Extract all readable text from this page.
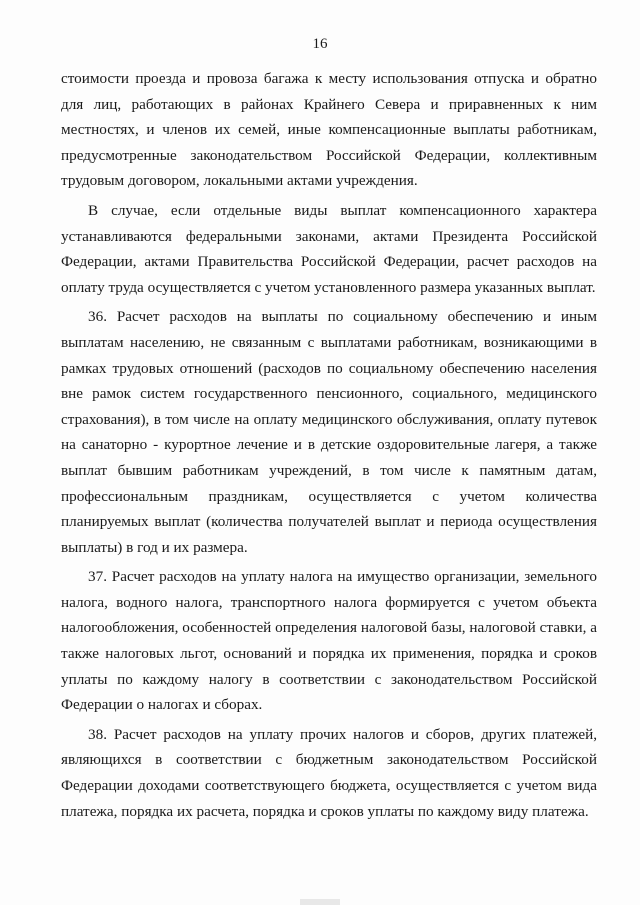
16

стоимости проезда и провоза багажа к месту использования отпуска и обратно для лиц, работающих в районах Крайнего Севера и приравненных к ним местностях, и членов их семей, иные компенсационные выплаты работникам, предусмотренные законодательством Российской Федерации, коллективным трудовым договором, локальными актами учреждения.

В случае, если отдельные виды выплат компенсационного характера устанавливаются федеральными законами, актами Президента Российской Федерации, актами Правительства Российской Федерации, расчет расходов на оплату труда осуществляется с учетом установленного размера указанных выплат.

36. Расчет расходов на выплаты по социальному обеспечению и иным выплатам населению, не связанным с выплатами работникам, возникающими в рамках трудовых отношений (расходов по социальному обеспечению населения вне рамок систем государственного пенсионного, социального, медицинского страхования), в том числе на оплату медицинского обслуживания, оплату путевок на санаторно - курортное лечение и в детские оздоровительные лагеря, а также выплат бывшим работникам учреждений, в том числе к памятным датам, профессиональным праздникам, осуществляется с учетом количества планируемых выплат (количества получателей выплат и периода осуществления выплаты) в год и их размера.

37. Расчет расходов на уплату налога на имущество организации, земельного налога, водного налога, транспортного налога формируется с учетом объекта налогообложения, особенностей определения налоговой базы, налоговой ставки, а также налоговых льгот, оснований и порядка их применения, порядка и сроков уплаты по каждому налогу в соответствии с законодательством Российской Федерации о налогах и сборах.

38. Расчет расходов на уплату прочих налогов и сборов, других платежей, являющихся в соответствии с бюджетным законодательством Российской Федерации доходами соответствующего бюджета, осуществляется с учетом вида платежа, порядка их расчета, порядка и сроков уплаты по каждому виду платежа.
